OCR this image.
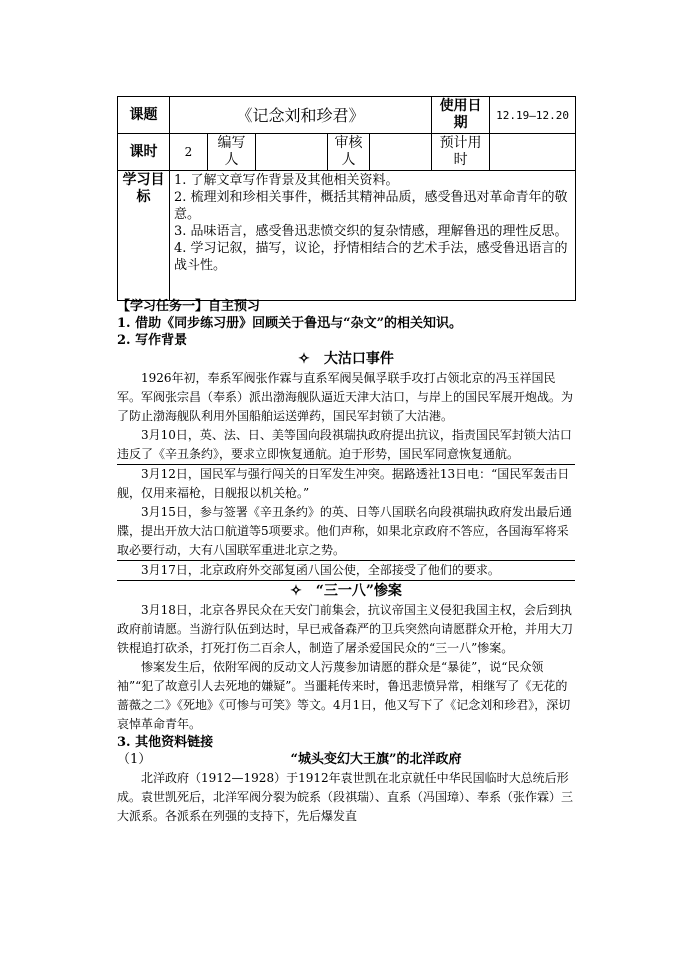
课题	《记念刘和珍君》					使用日期	12.19—12.20
课时	2	编写人		审核人		预计用时	
学习目标	1. 了解文章写作背景及其他相关资料。

2. 梳理刘和珍相关事件，概括其精神品质，感受鲁迅对革命青年的敬意。

3. 品味语言，感受鲁迅悲愤交织的复杂情感，理解鲁迅的理性反思。

4. 学习记叙，描写，议论，抒情相结合的艺术手法，感受鲁迅语言的战斗性。						

【学习任务一】自主预习

1. 借助《同步练习册》回顾关于鲁迅与“杂文”的相关知识。

2. 写作背景

✧　大沽口事件

1926年初，奉系军阀张作霖与直系军阀吴佩孚联手攻打占领北京的冯玉祥国民军。军阀张宗昌（奉系）派出渤海舰队逼近天津大沽口，与岸上的国民军展开炮战。为了防止渤海舰队利用外国船舶运送弹药，国民军封锁了大沽港。

3月10日，英、法、日、美等国向段祺瑞执政府提出抗议，指责国民军封锁大沽口违反了《辛丑条约》，要求立即恢复通航。迫于形势，国民军同意恢复通航。

3月12日，国民军与强行闯关的日军发生冲突。据路透社13日电：“国民军轰击日舰，仅用来福枪，日舰报以机关枪。”

3月15日，参与签署《辛丑条约》的英、日等八国联名向段祺瑞执政府发出最后通牒，提出开放大沽口航道等5项要求。他们声称，如果北京政府不答应，各国海军将采取必要行动，大有八国联军重进北京之势。

3月17日，北京政府外交部复函八国公使，全部接受了他们的要求。

✧　“三一八”惨案

3月18日，北京各界民众在天安门前集会，抗议帝国主义侵犯我国主权，会后到执政府前请愿。当游行队伍到达时，早已戒备森严的卫兵突然向请愿群众开枪，并用大刀铁棍追打砍杀，打死打伤二百余人，制造了屠杀爱国民众的“三一八”惨案。

惨案发生后，依附军阀的反动文人污蔑参加请愿的群众是“暴徒”，说“民众领袖”“犯了故意引人去死地的嫌疑”。当噩耗传来时，鲁迅悲愤异常，相继写了《无花的蔷薇之二》《死地》《可惨与可笑》等文。4月1日，他又写下了《记念刘和珍君》，深切哀悼革命青年。

3. 其他资料链接

（1）	“城头变幻大王旗”的北洋政府

北洋政府（1912—1928）于1912年袁世凯在北京就任中华民国临时大总统后形成。袁世凯死后，北洋军阀分裂为皖系（段祺瑞）、直系（冯国璋）、奉系（张作霖）三大派系。各派系在列强的支持下，先后爆发直
